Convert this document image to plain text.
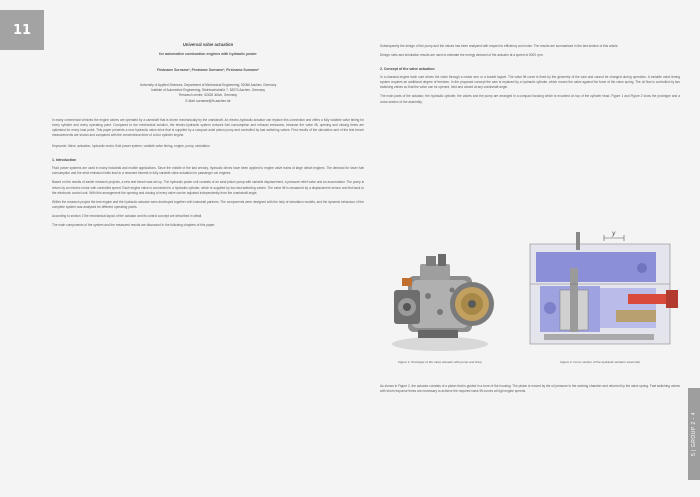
11
Universal valve actuation
for automotive combustion engines with hydraulic power
Firstname Surname¹, Firstname Surname², Firstname Surname³
University of Applied Sciences, Department of Mechanical Engineering, 52066 Aachen, Germany
Institute of Automotive Engineering, Steinbachstraße 7, 52074 Aachen, Germany
Research centre, 52428 Jülich, Germany
E-Mail: surname@fh-aachen.de

In many commercial vehicles the engine valves are operated by a camshaft that is driven mechanically by the crankshaft. An electro-hydraulic actuator can replace this connection and offers a fully variable valve timing for every cylinder and every operating point. Compared to the mechanical solution, the electro-hydraulic system reduces fuel consumption and exhaust emissions, because the valve lift, opening and closing times are optimised for every load point. This paper presents a new hydraulic valve drive that is supplied by a compact axial piston pump and controlled by fast switching valves. First results of the simulation and of the test bench measurements are shown and compared with the conventional drive of a four cylinder engine.

Keywords: Valve, actuation, hydraulic motor, fluid power system, variable valve timing, engine, pump, simulation

1. Introduction

Fluid power systems are used in many industrial and mobile applications. Since the middle of the last century, hydraulic drives have been applied to engine valve trains of large diesel engines. The demand for lower fuel consumption and the strict emission limits lead to a renewed interest in fully variable valve actuation for passenger car engines.

Based on the results of earlier research projects, a new test bench was set up. The hydraulic power unit consists of an axial piston pump with variable displacement, a pressure relief valve and an accumulator. The pump is driven by an electric motor with controlled speed. Each engine valve is connected to a hydraulic cylinder, which is supplied by two fast switching valves. The valve lift is measured by a displacement sensor and fed back to the electronic control unit. With this arrangement the opening and closing of every valve can be adjusted independently from the crankshaft angle.

Within the research project the test engine and the hydraulic actuator were developed together with industrial partners. The components were designed with the help of simulation models, and the dynamic behaviour of the complete system was analysed for different operating points.

According to section 2 the mechanical layout of the actuator and its control concept are described in detail.

The main components of the system and the measured results are discussed in the following chapters of this paper.

Subsequently the design of the pump and the valves has been analysed with respect to efficiency and noise. The results are summarised in the last section of this article.

Design rules and simulation results are used to estimate the energy demand of the actuator at a speed of 6000 rpm.

2. Concept of the valve actuation

In a classical engine each cam drives the valve through a rocker arm or a bucket tappet. The valve lift curve is fixed by the geometry of the cam and cannot be changed during operation. A variable valve timing system requires an additional degree of freedom. In the proposed concept the cam is replaced by a hydraulic cylinder, which moves the valve against the force of the valve spring. The oil flow is controlled by two switching valves so that the valve can be opened, held and closed at any crankshaft angle.

The main parts of the actuator, the hydraulic cylinder, the valves and the pump are arranged in a compact housing which is mounted on top of the cylinder head. Figure 1 and Figure 2 show the prototype and a cross section of the assembly.

y
Figure 1: Prototype of the valve actuator with pump and drive	Figure 2: Cross section of the hydraulic actuator assembly

As shown in Figure 2, the actuator consists of a piston that is guided in a bore of the housing. The piston is moved by the oil pressure in the working chamber and returned by the valve spring. Fast switching valves with short response times are necessary to achieve the required valve lift curves at high engine speeds.

5 | GROUP 2 - 4
